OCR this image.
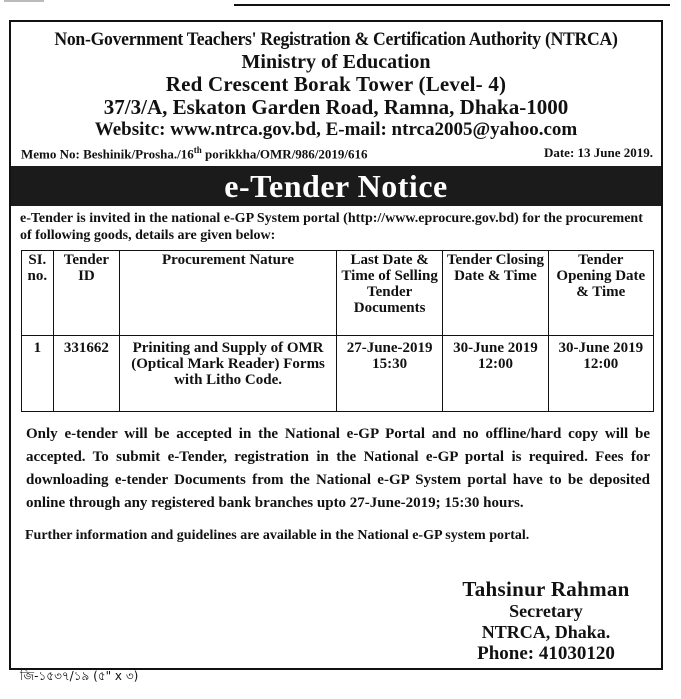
Non-Government Teachers' Registration & Certification Authority (NTRCA)
Ministry of Education
Red Crescent Borak Tower (Level- 4)
37/3/A, Eskaton Garden Road, Ramna, Dhaka-1000
Websitc: www.ntrca.gov.bd, E-mail: ntrca2005@yahoo.com
Memo No: Beshinik/Prosha./16th porikkha/OMR/986/2019/616	Date: 13 June 2019.
e-Tender Notice
e-Tender is invited in the national e-GP System portal (http://www.eprocure.gov.bd) for the procurement of following goods, details are given below:
SI. no.	Tender ID	Procurement Nature	Last Date & Time of Selling Tender Documents	Tender Closing Date & Time	Tender Opening Date & Time
1	331662	Priniting and Supply of OMR (Optical Mark Reader) Forms with Litho Code.	27-June-2019 15:30	30-June 2019 12:00	30-June 2019 12:00
Only e-tender will be accepted in the National e-GP Portal and no offline/hard copy will be accepted. To submit e-Tender, registration in the National e-GP portal is required. Fees for downloading e-tender Documents from the National e-GP System portal have to be deposited online through any registered bank branches upto 27-June-2019; 15:30 hours.
Further information and guidelines are available in the National e-GP system portal.
Tahsinur Rahman
Secretary
NTRCA, Dhaka.
Phone: 41030120
জি-১৫৩৭/১৯ (৫" x ৩)
